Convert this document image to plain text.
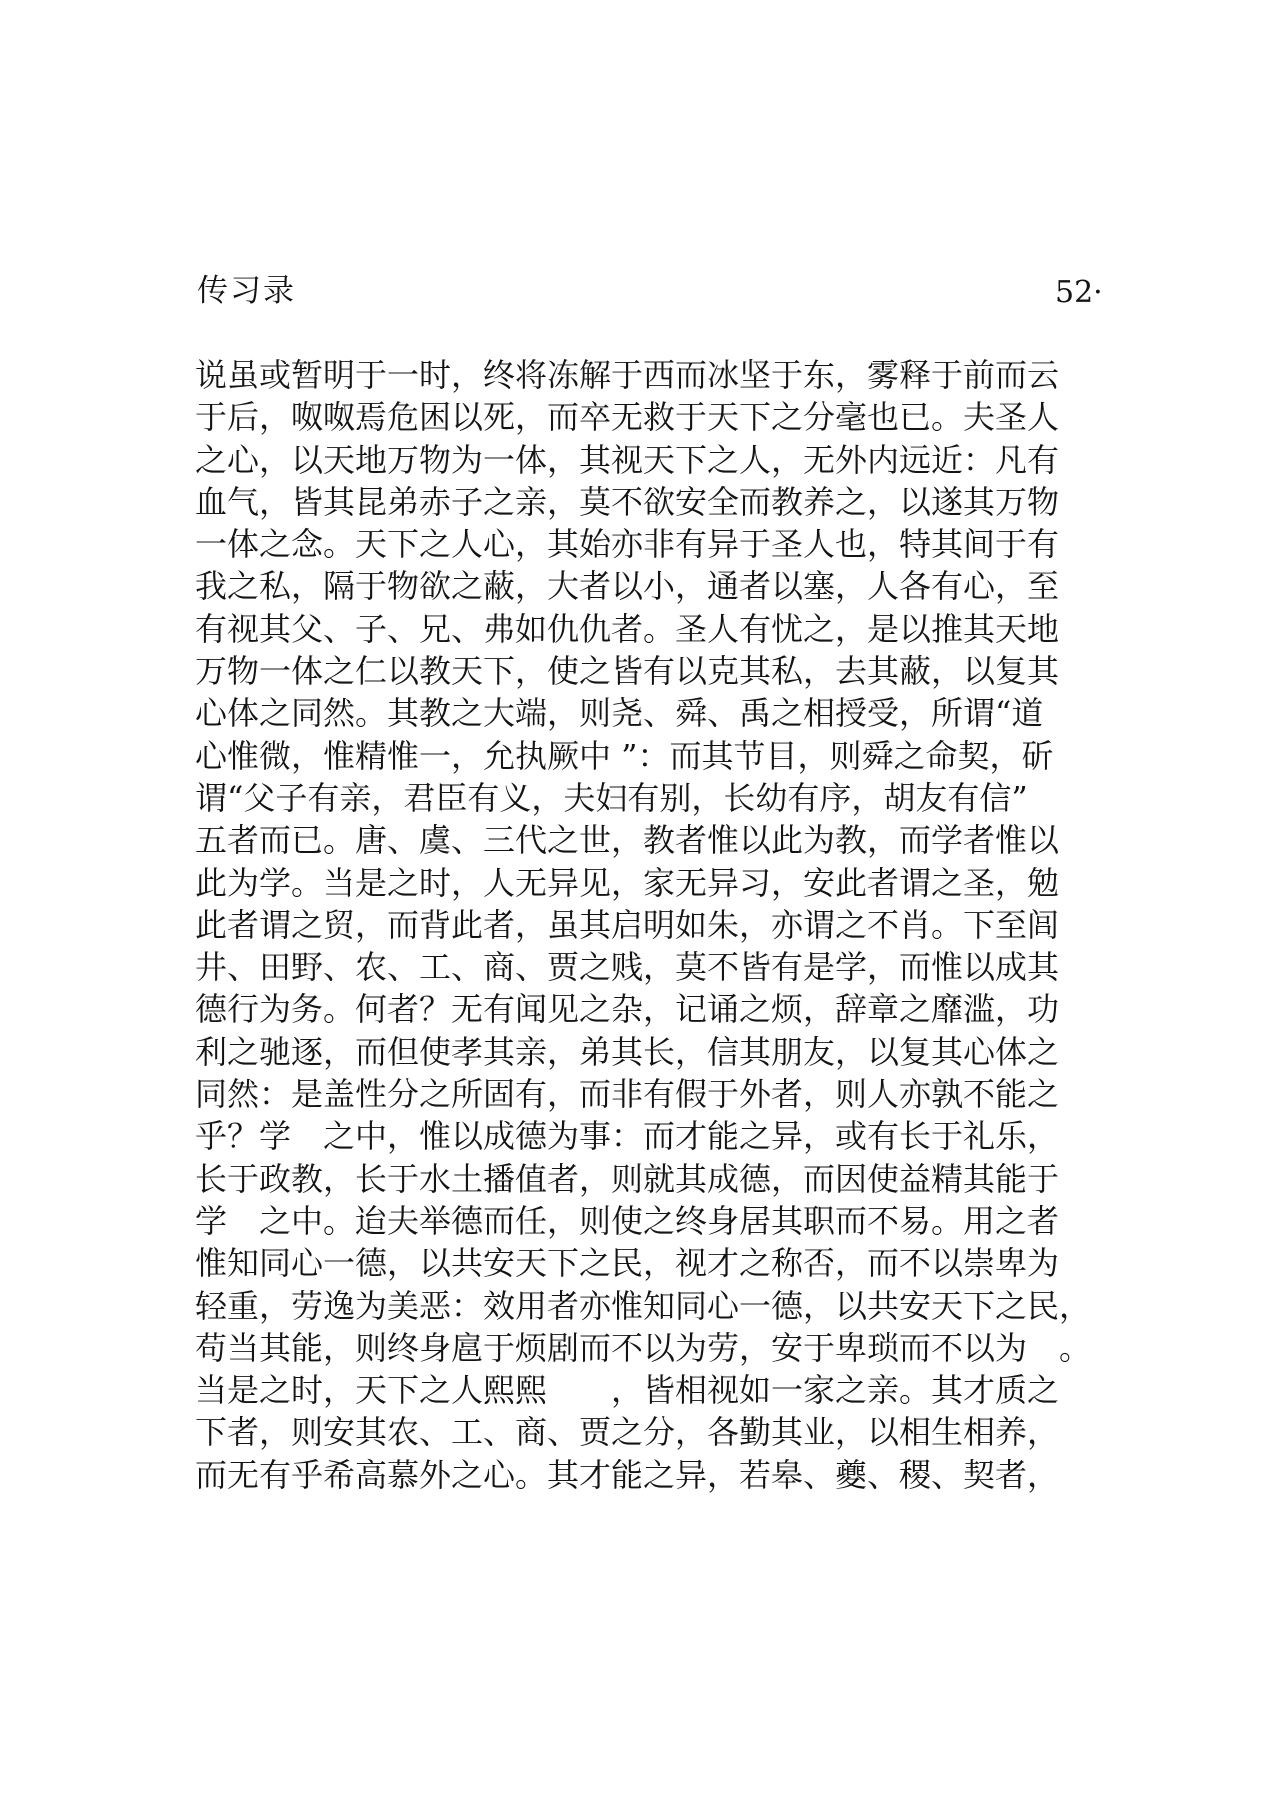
传习录	52·
说虽或暂明于一时，终将冻解于西而冰坚于东，雾释于前而云
于后，呶呶焉危困以死，而卒无救于天下之分毫也已。夫圣人
之心，以天地万物为一体，其视天下之人，无外内远近：凡有
血气，皆其昆弟赤子之亲，莫不欲安全而教养之，以遂其万物
一体之念。天下之人心，其始亦非有异于圣人也，特其间于有
我之私，隔于物欲之蔽，大者以小，通者以塞，人各有心，至
有视其父、子、兄、弗如仇仇者。圣人有忧之，是以推其天地
万物一体之仁以教天下，使之皆有以克其私，去其蔽，以复其
心体之同然。其教之大端，则尧、舜、禹之相授受，所谓“道
心惟微，惟精惟一，允执厥中 ”：而其节目，则舜之命契，斫
谓“父子有亲，君臣有义，夫妇有别，长幼有序，胡友有信”
五者而已。唐、虞、三代之世，教者惟以此为教，而学者惟以
此为学。当是之时，人无异见，家无异习，安此者谓之圣，勉
此者谓之贸，而背此者，虽其启明如朱，亦谓之不肖。下至闾
井、田野、农、工、商、贾之贱，莫不皆有是学，而惟以成其
德行为务。何者？无有闻见之杂，记诵之烦，辞章之靡滥，功
利之驰逐，而但使孝其亲，弟其长，信其朋友，以复其心体之
同然：是盖性分之所固有，而非有假于外者，则人亦孰不能之
乎？学　之中，惟以成德为事：而才能之异，或有长于礼乐，
长于政教，长于水土播值者，则就其成德，而因使益精其能于
学　之中。迨夫举德而任，则使之终身居其职而不易。用之者
惟知同心一德，以共安天下之民，视才之称否，而不以崇卑为
轻重，劳逸为美恶：效用者亦惟知同心一德，以共安天下之民，
苟当其能，则终身扈于烦剧而不以为劳，安于卑琐而不以为　。
当是之时，天下之人熙熙　　，皆相视如一家之亲。其才质之
下者，则安其农、工、商、贾之分，各勤其业，以相生相养，
而无有乎希高慕外之心。其才能之异，若皋、夔、稷、契者，
